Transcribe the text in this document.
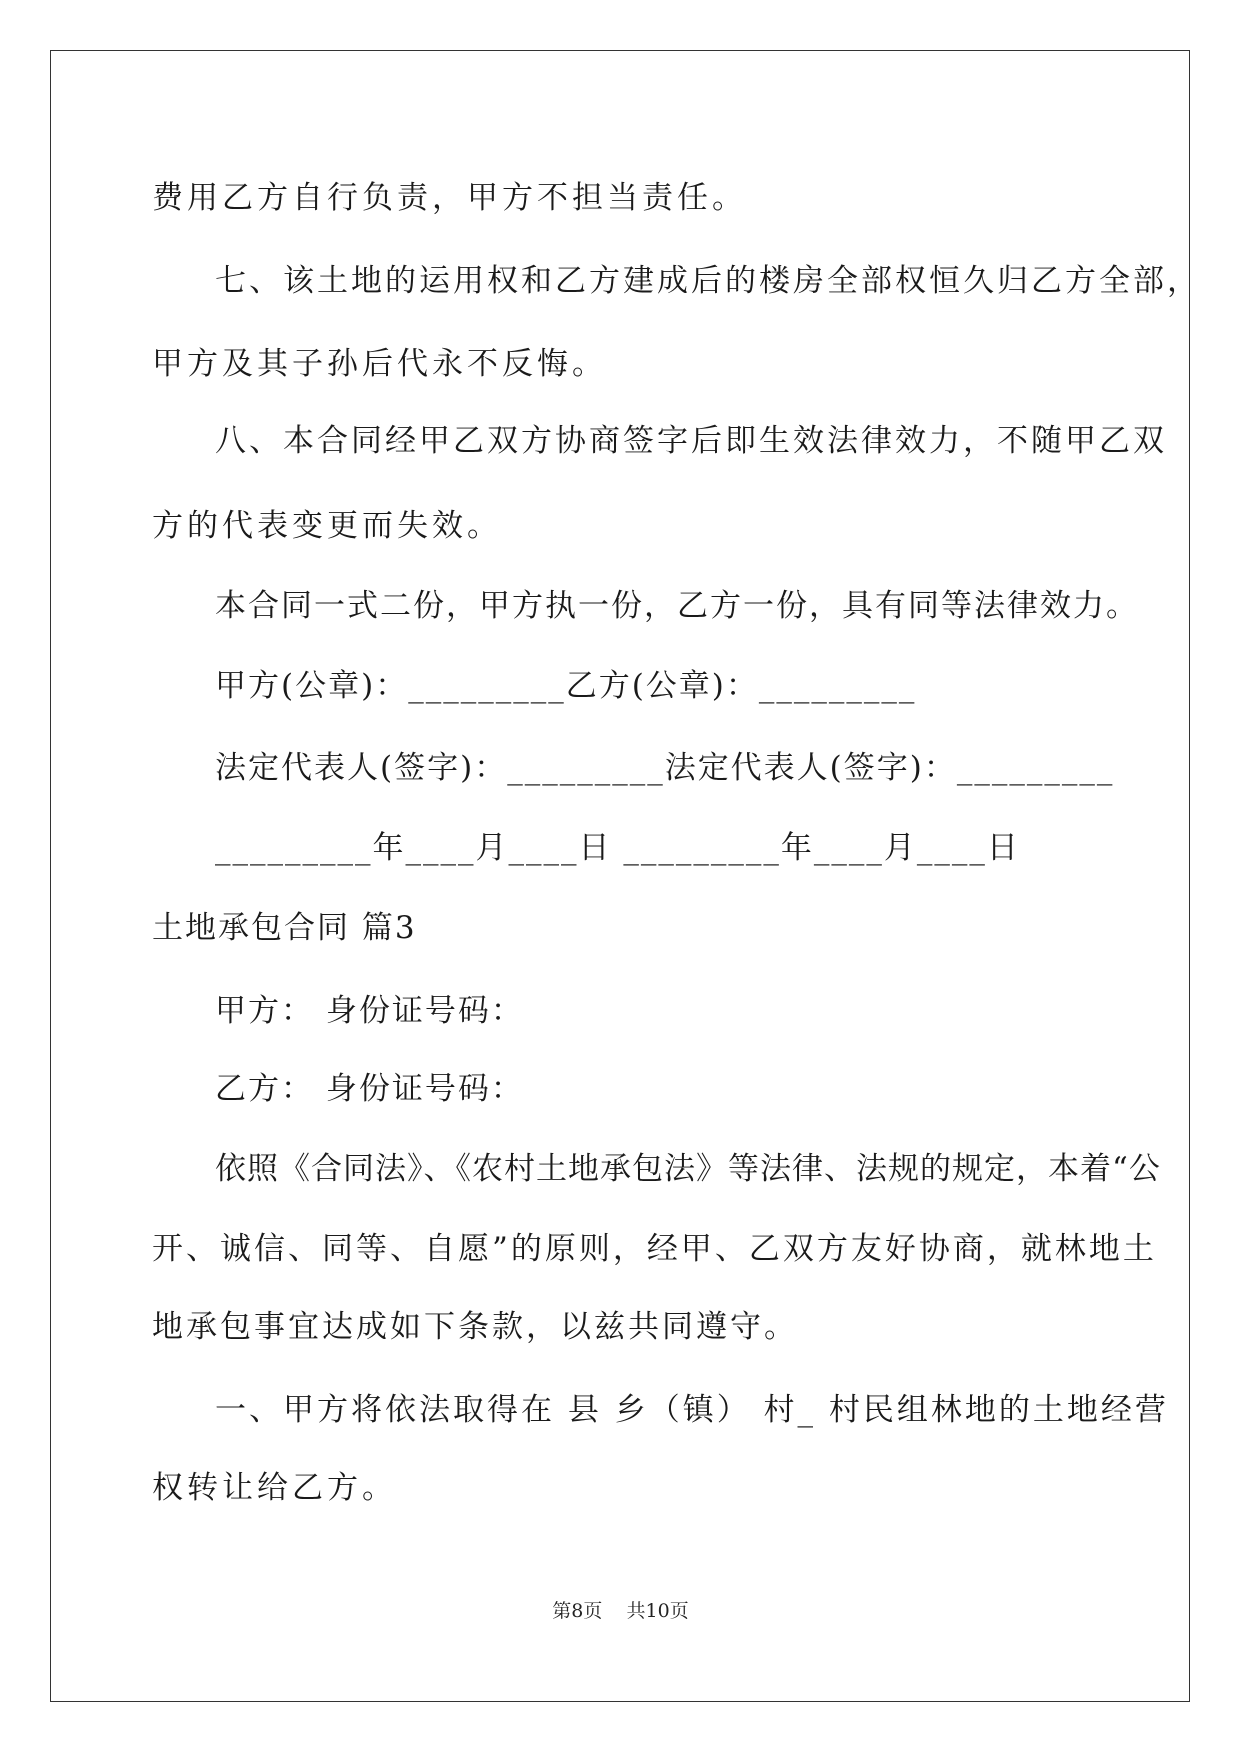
费用乙方自行负责，甲方不担当责任。
七、该土地的运用权和乙方建成后的楼房全部权恒久归乙方全部，
甲方及其子孙后代永不反悔。
八、本合同经甲乙双方协商签字后即生效法律效力，不随甲乙双
方的代表变更而失效。
本合同一式二份，甲方执一份，乙方一份，具有同等法律效力。
甲方(公章)：_________乙方(公章)：_________
法定代表人(签字)：_________法定代表人(签字)：_________
_________年____月____日 _________年____月____日
土地承包合同 篇3
甲方： 身份证号码：
乙方： 身份证号码：
依照《合同法》、《农村土地承包法》等法律、法规的规定，本着“公
开、诚信、同等、自愿”的原则，经甲、乙双方友好协商，就林地土
地承包事宜达成如下条款，以兹共同遵守。
一、甲方将依法取得在 县 乡（镇） 村_ 村民组林地的土地经营
权转让给乙方。
第8页    共10页
